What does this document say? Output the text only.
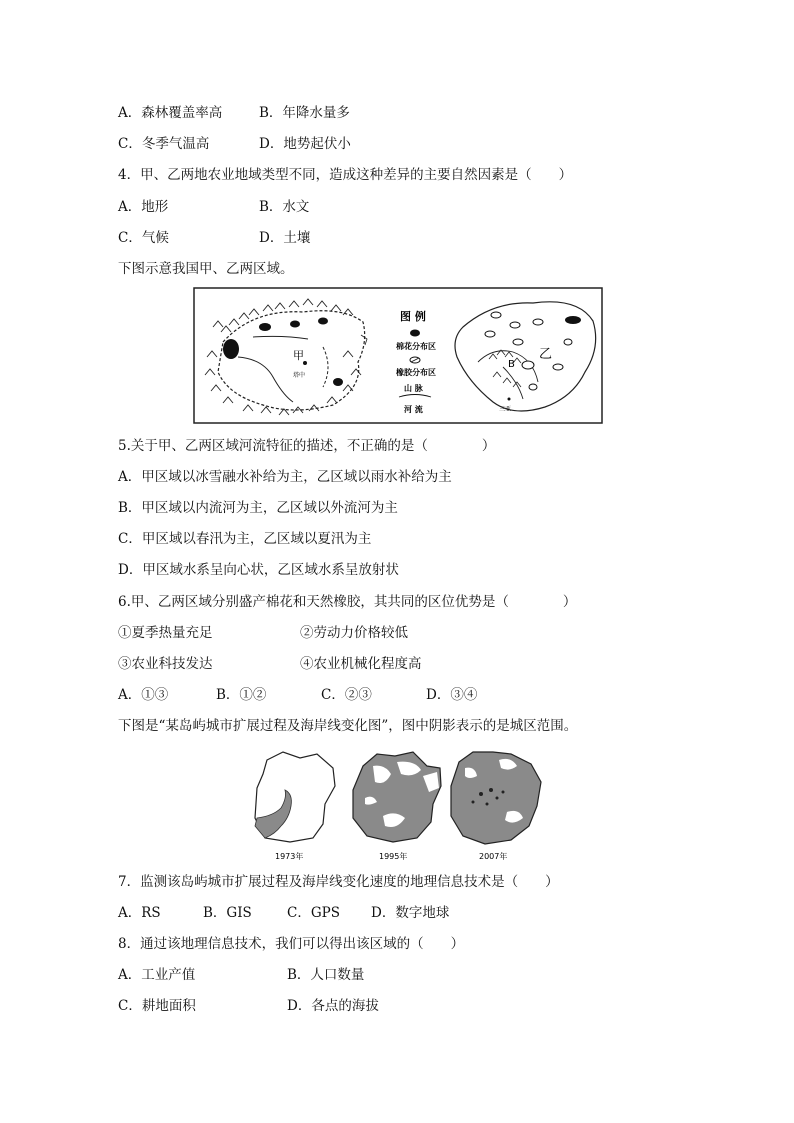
A．森林覆盖率高	B．年降水量多
C．冬季气温高	D．地势起伏小
4．甲、乙两地农业地域类型不同，造成这种差异的主要自然因素是（　　）
A．地形	B．水文
C．气候	D．土壤
下图示意我国甲、乙两区域。
甲
塔中
图 例
棉花分布区
橡胶分布区
山 脉
河 流
B
乙
三亚
5.关于甲、乙两区域河流特征的描述，不正确的是（　　　　）
A．甲区域以冰雪融水补给为主，乙区域以雨水补给为主
B．甲区域以内流河为主，乙区域以外流河为主
C．甲区域以春汛为主，乙区域以夏汛为主
D．甲区域水系呈向心状，乙区域水系呈放射状
6.甲、乙两区域分别盛产棉花和天然橡胶，其共同的区位优势是（　　　　）
①夏季热量充足	②劳动力价格较低
③农业科技发达	④农业机械化程度高
A．①③	B．①②	C．②③	D．③④
下图是“某岛屿城市扩展过程及海岸线变化图”，图中阴影表示的是城区范围。
1973年	1995年	2007年
7．监测该岛屿城市扩展过程及海岸线变化速度的地理信息技术是（　　）
A．RS	B．GIS	C．GPS D．数字地球
8．通过该地理信息技术，我们可以得出该区域的（　　）
A．工业产值	B．人口数量
C．耕地面积	D．各点的海拔
